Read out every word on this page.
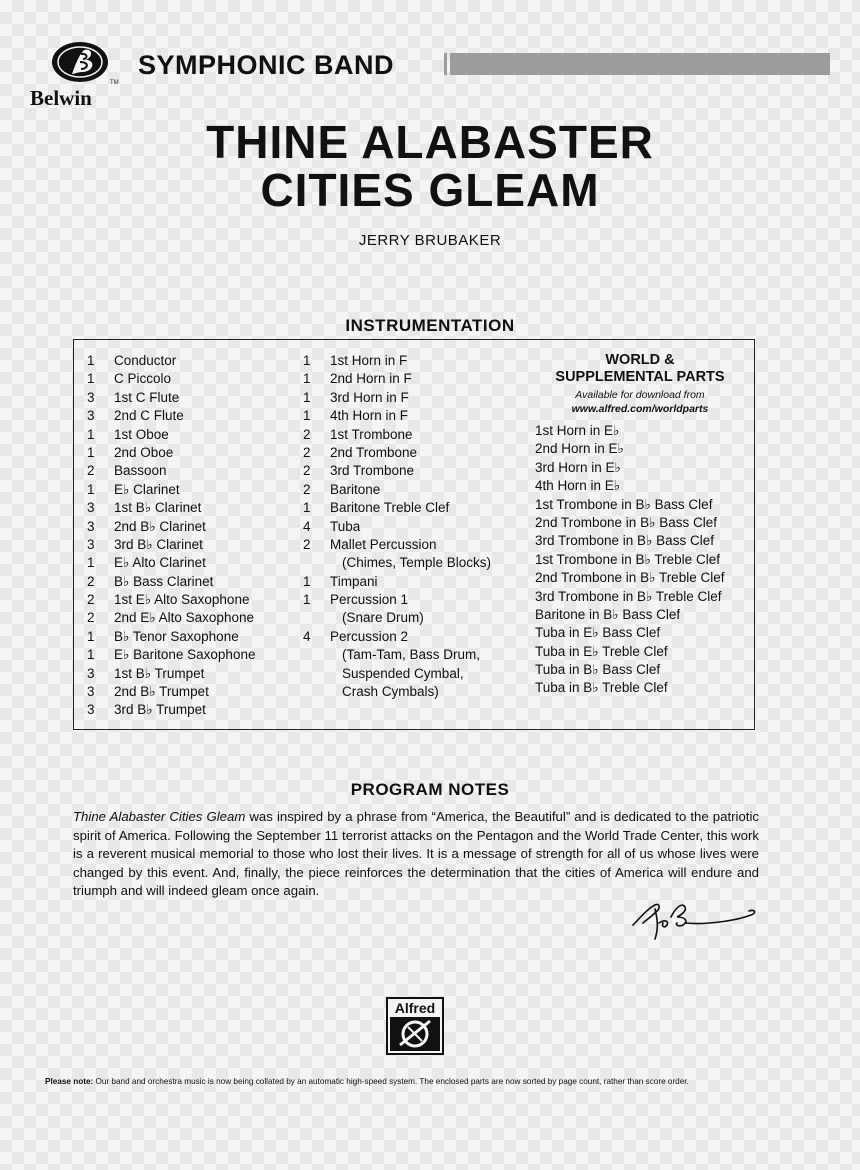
TM
Belwin
SYMPHONIC BAND
THINE ALABASTER
CITIES GLEAM
JERRY BRUBAKER
INSTRUMENTATION
1	Conductor
1	C Piccolo
3	1st C Flute
3	2nd C Flute
1	1st Oboe
1	2nd Oboe
2	Bassoon
1	E♭ Clarinet
3	1st B♭ Clarinet
3	2nd B♭ Clarinet
3	3rd B♭ Clarinet
1	E♭ Alto Clarinet
2	B♭ Bass Clarinet
2	1st E♭ Alto Saxophone
2	2nd E♭ Alto Saxophone
1	B♭ Tenor Saxophone
1	E♭ Baritone Saxophone
3	1st B♭ Trumpet
3	2nd B♭ Trumpet
3	3rd B♭ Trumpet
1	1st Horn in F
1	2nd Horn in F
1	3rd Horn in F
1	4th Horn in F
2	1st Trombone
2	2nd Trombone
2	3rd Trombone
2	Baritone
1	Baritone Treble Clef
4	Tuba
2	Mallet Percussion
(Chimes, Temple Blocks)
1	Timpani
1	Percussion 1
(Snare Drum)
4	Percussion 2
(Tam-Tam, Bass Drum,
Suspended Cymbal,
Crash Cymbals)
WORLD &
SUPPLEMENTAL PARTS
Available for download from
www.alfred.com/worldparts
1st Horn in E♭
2nd Horn in E♭
3rd Horn in E♭
4th Horn in E♭
1st Trombone in B♭ Bass Clef
2nd Trombone in B♭ Bass Clef
3rd Trombone in B♭ Bass Clef
1st Trombone in B♭ Treble Clef
2nd Trombone in B♭ Treble Clef
3rd Trombone in B♭ Treble Clef
Baritone in B♭ Bass Clef
Tuba in E♭ Bass Clef
Tuba in E♭ Treble Clef
Tuba in B♭ Bass Clef
Tuba in B♭ Treble Clef
PROGRAM NOTES

Thine Alabaster Cities Gleam was inspired by a phrase from “America, the Beautiful” and is dedicated to the patriotic spirit of America. Following the September 11 terrorist attacks on the Pentagon and the World Trade Center, this work is a reverent musical memorial to those who lost their lives. It is a message of strength for all of us whose lives were changed by this event. And, finally, the piece reinforces the determination that the cities of America will endure and triumph and will indeed gleam once again.

Alfred
Please note: Our band and orchestra music is now being collated by an automatic high-speed system. The enclosed parts are now sorted by page count, rather than score order.
